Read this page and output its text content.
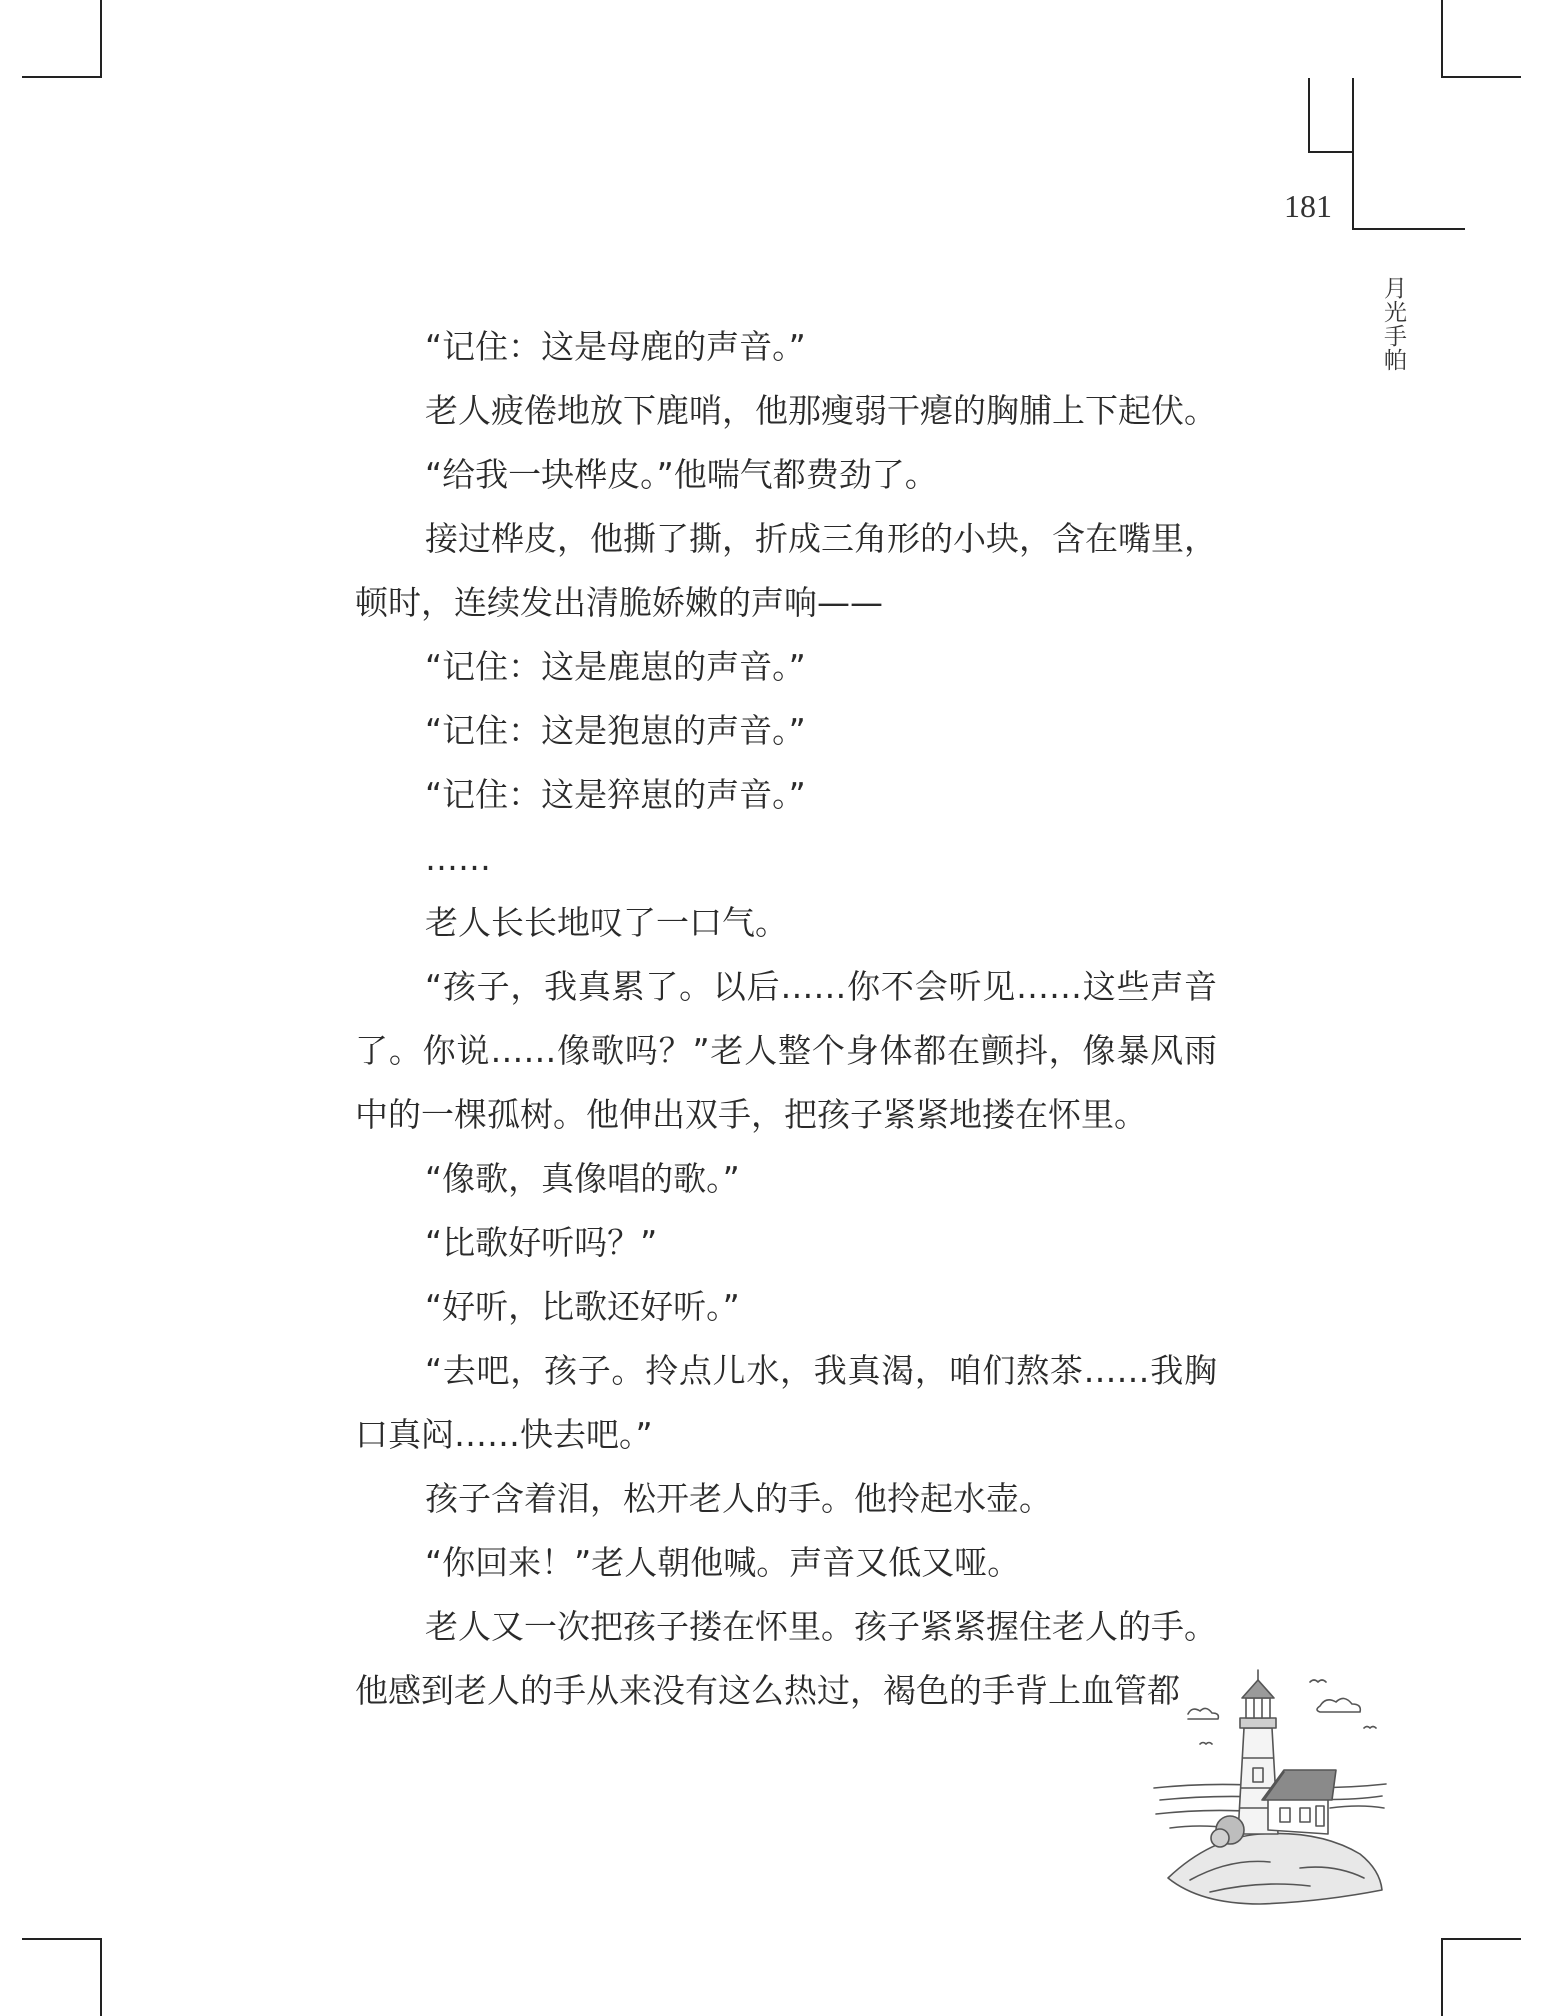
181
月光手帕

“记住：这是母鹿的声音。”

老人疲倦地放下鹿哨，他那瘦弱干瘪的胸脯上下起伏。

“给我一块桦皮。”他喘气都费劲了。

接过桦皮，他撕了撕，折成三角形的小块，含在嘴里，顿时，连续发出清脆娇嫩的声响——

“记住：这是鹿崽的声音。”

“记住：这是狍崽的声音。”

“记住：这是猝崽的声音。”

……

老人长长地叹了一口气。

“孩子，我真累了。以后……你不会听见……这些声音了。你说……像歌吗？”老人整个身体都在颤抖，像暴风雨中的一棵孤树。他伸出双手，把孩子紧紧地搂在怀里。

“像歌，真像唱的歌。”

“比歌好听吗？”

“好听，比歌还好听。”

“去吧，孩子。拎点儿水，我真渴，咱们熬茶……我胸口真闷……快去吧。”

孩子含着泪，松开老人的手。他拎起水壶。

“你回来！”老人朝他喊。声音又低又哑。

老人又一次把孩子搂在怀里。孩子紧紧握住老人的手。他感到老人的手从来没有这么热过，褐色的手背上血管都
